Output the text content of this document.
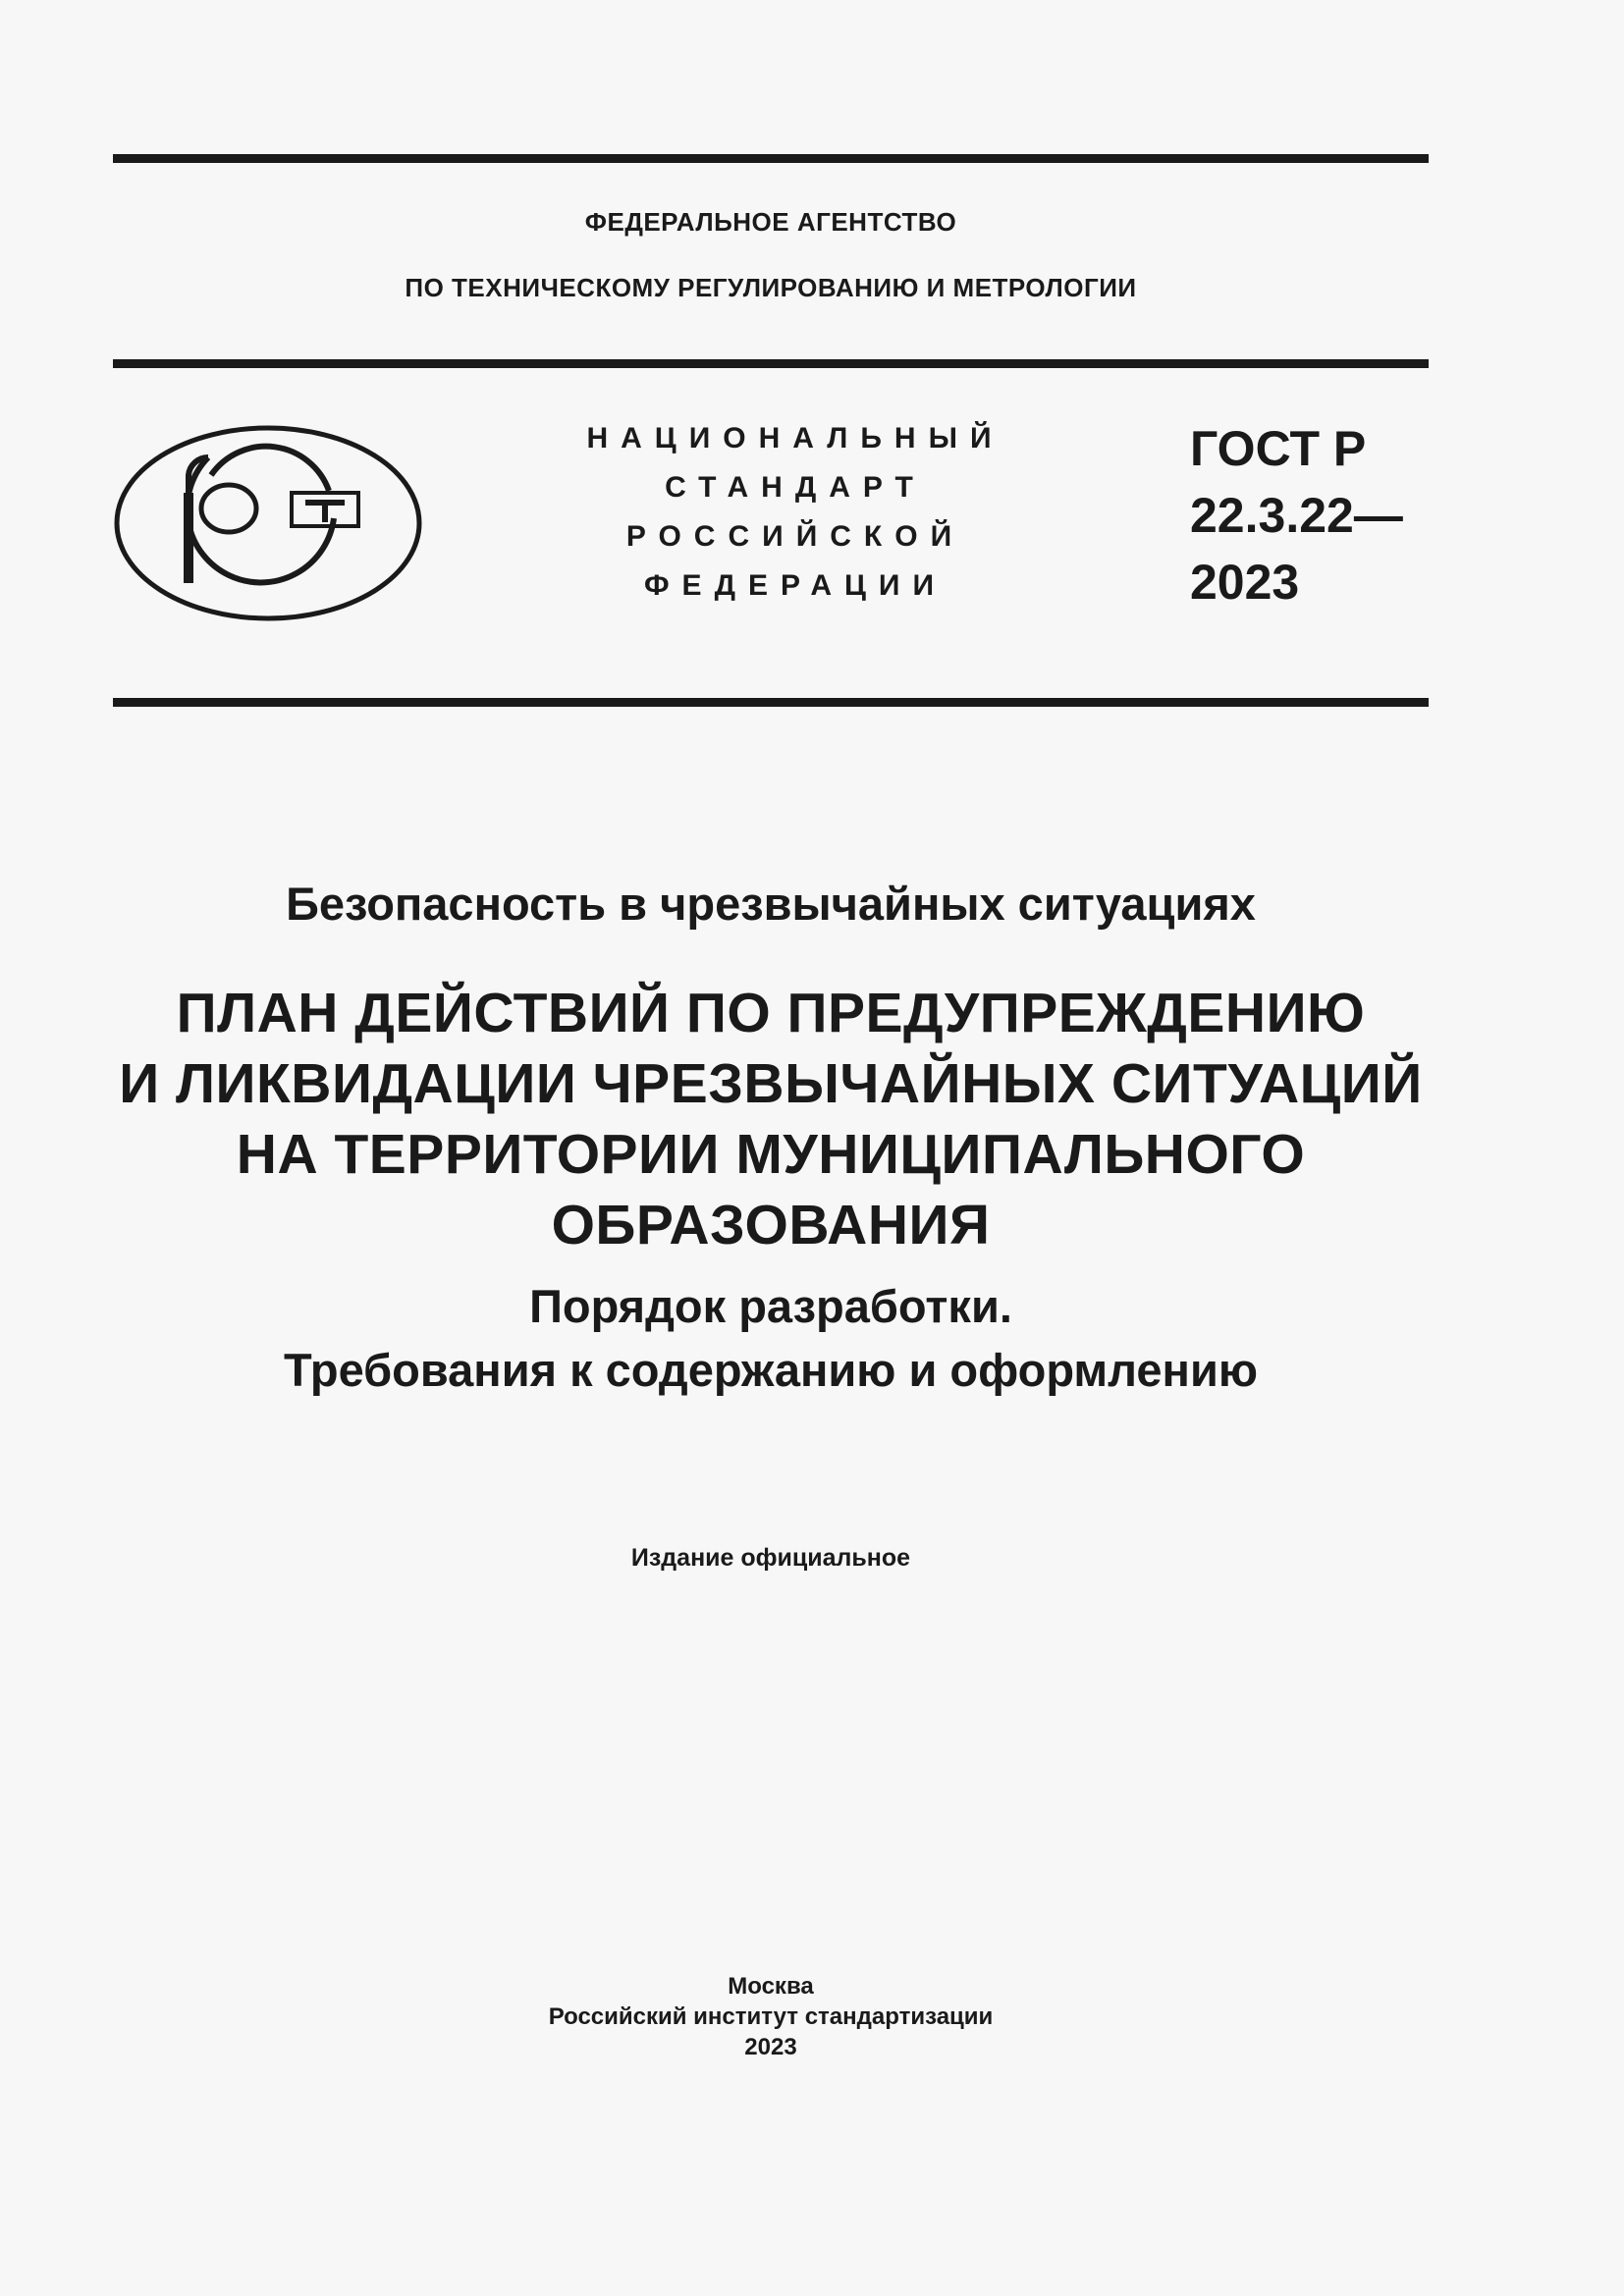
ФЕДЕРАЛЬНОЕ АГЕНТСТВО
ПО ТЕХНИЧЕСКОМУ РЕГУЛИРОВАНИЮ И МЕТРОЛОГИИ
НАЦИОНАЛЬНЫЙ
СТАНДАРТ
РОССИЙСКОЙ
ФЕДЕРАЦИИ
ГОСТ Р
22.3.22—
2023
Безопасность в чрезвычайных ситуациях
ПЛАН ДЕЙСТВИЙ ПО ПРЕДУПРЕЖДЕНИЮ
И ЛИКВИДАЦИИ ЧРЕЗВЫЧАЙНЫХ СИТУАЦИЙ
НА ТЕРРИТОРИИ МУНИЦИПАЛЬНОГО
ОБРАЗОВАНИЯ
Порядок разработки.
Требования к содержанию и оформлению
Издание официальное
Москва
Российский институт стандартизации
2023
